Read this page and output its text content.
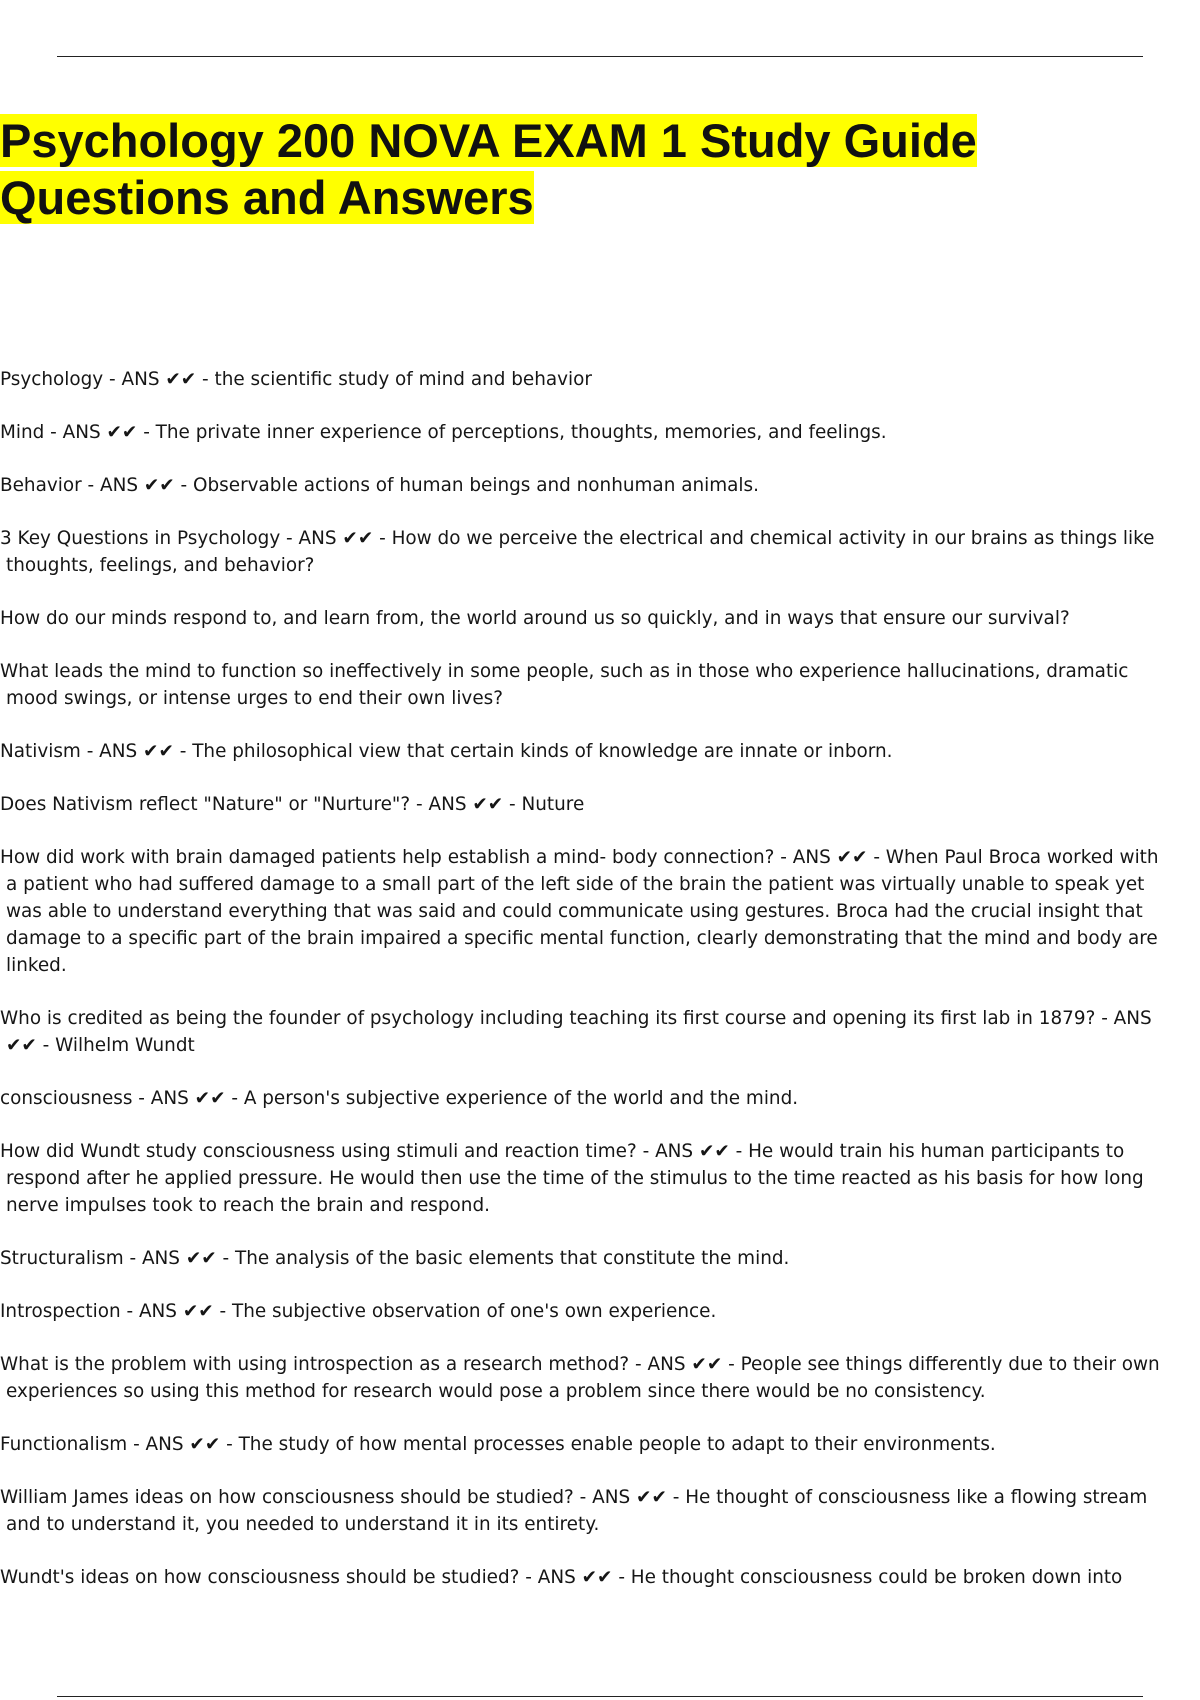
Psychology 200 NOVA EXAM 1 Study Guide
Questions and Answers

Psychology - ANS ✔✔ - the scientific study of mind and behavior

Mind - ANS ✔✔ - The private inner experience of perceptions, thoughts, memories, and feelings.

Behavior - ANS ✔✔ - Observable actions of human beings and nonhuman animals.

3 Key Questions in Psychology - ANS ✔✔ - How do we perceive the electrical and chemical activity in our brains as things like thoughts, feelings, and behavior?

How do our minds respond to, and learn from, the world around us so quickly, and in ways that ensure our survival?

What leads the mind to function so ineffectively in some people, such as in those who experience hallucinations, dramatic mood swings, or intense urges to end their own lives?

Nativism - ANS ✔✔ - The philosophical view that certain kinds of knowledge are innate or inborn.

Does Nativism reflect "Nature" or "Nurture"? - ANS ✔✔ - Nuture

How did work with brain damaged patients help establish a mind- body connection? - ANS ✔✔ - When Paul Broca worked with a patient who had suffered damage to a small part of the left side of the brain the patient was virtually unable to speak yet was able to understand everything that was said and could communicate using gestures. Broca had the crucial insight that damage to a specific part of the brain impaired a specific mental function, clearly demonstrating that the mind and body are linked.

Who is credited as being the founder of psychology including teaching its first course and opening its first lab in 1879? - ANS ✔✔ - Wilhelm Wundt

consciousness - ANS ✔✔ - A person's subjective experience of the world and the mind.

How did Wundt study consciousness using stimuli and reaction time? - ANS ✔✔ - He would train his human participants to respond after he applied pressure. He would then use the time of the stimulus to the time reacted as his basis for how long nerve impulses took to reach the brain and respond.

Structuralism - ANS ✔✔ - The analysis of the basic elements that constitute the mind.

Introspection - ANS ✔✔ - The subjective observation of one's own experience.

What is the problem with using introspection as a research method? - ANS ✔✔ - People see things differently due to their own experiences so using this method for research would pose a problem since there would be no consistency.

Functionalism - ANS ✔✔ - The study of how mental processes enable people to adapt to their environments.

William James ideas on how consciousness should be studied? - ANS ✔✔ - He thought of consciousness like a flowing stream and to understand it, you needed to understand it in its entirety.

Wundt's ideas on how consciousness should be studied? - ANS ✔✔ - He thought consciousness could be broken down into
